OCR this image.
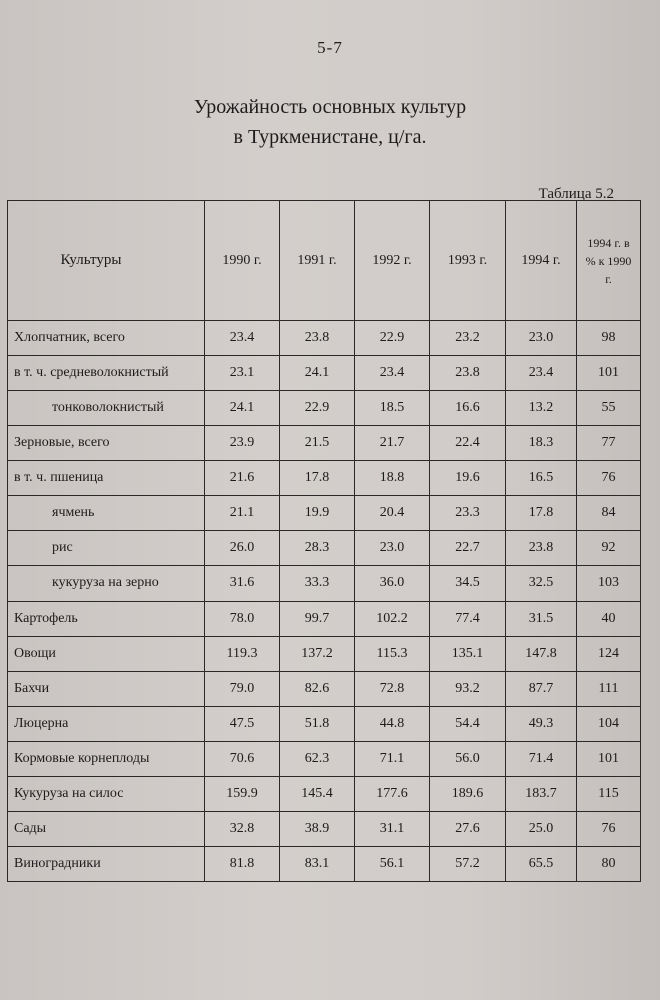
5-7
Урожайность основных культур
в Туркменистане, ц/га.
Таблица 5.2
Культуры	1990 г.	1991 г.	1992 г.	1993 г.	1994 г.	1994 г. в % к 1990 г.
Хлопчатник, всего	23.4	23.8	22.9	23.2	23.0	98
в т. ч. средневолокнистый	23.1	24.1	23.4	23.8	23.4	101
тонковолокнистый	24.1	22.9	18.5	16.6	13.2	55
Зерновые, всего	23.9	21.5	21.7	22.4	18.3	77
в т. ч. пшеница	21.6	17.8	18.8	19.6	16.5	76
ячмень	21.1	19.9	20.4	23.3	17.8	84
рис	26.0	28.3	23.0	22.7	23.8	92
кукуруза на зерно	31.6	33.3	36.0	34.5	32.5	103
Картофель	78.0	99.7	102.2	77.4	31.5	40
Овощи	119.3	137.2	115.3	135.1	147.8	124
Бахчи	79.0	82.6	72.8	93.2	87.7	111
Люцерна	47.5	51.8	44.8	54.4	49.3	104
Кормовые корнеплоды	70.6	62.3	71.1	56.0	71.4	101
Кукуруза на силос	159.9	145.4	177.6	189.6	183.7	115
Сады	32.8	38.9	31.1	27.6	25.0	76
Виноградники	81.8	83.1	56.1	57.2	65.5	80
